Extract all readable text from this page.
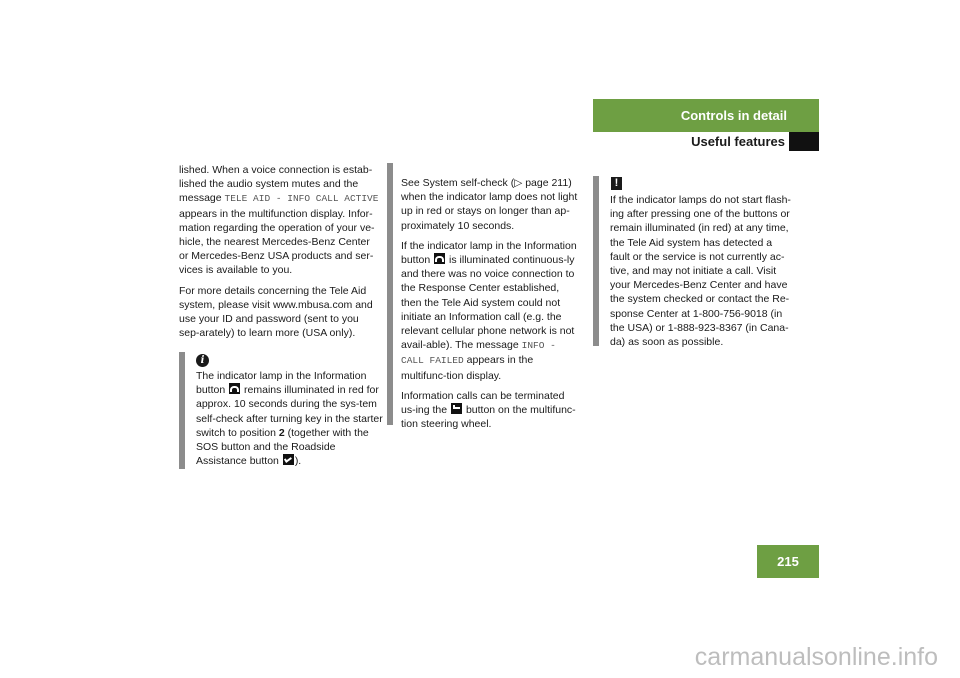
Controls in detail
Useful features

lished. When a voice connection is estab-lished the audio system mutes and the message TELE AID - INFO CALL ACTIVE appears in the multifunction display. Infor-mation regarding the operation of your ve-hicle, the nearest Mercedes-Benz Center or Mercedes-Benz USA products and ser-vices is available to you.

For more details concerning the Tele Aid system, please visit www.mbusa.com and use your ID and password (sent to you sep-arately) to learn more (USA only).

i
The indicator lamp in the Information button
remains illuminated in red for approx. 10 seconds during the sys-tem self-check after turning key in the starter switch to position 2 (together with the SOS button and the Roadside Assistance button
).

See System self-check (▷ page 211) when the indicator lamp does not light up in red or stays on longer than ap-proximately 10 seconds.

If the indicator lamp in the Information button
is illuminated continuous-ly and there was no voice connection to the Response Center established, then the Tele Aid system could not initiate an Information call (e.g. the relevant cellular phone network is not avail-able). The message INFO - CALL FAILED appears in the multifunc-tion display.

Information calls can be terminated us-ing the
button on the multifunc-tion steering wheel.

!

If the indicator lamps do not start flash-ing after pressing one of the buttons or remain illuminated (in red) at any time, the Tele Aid system has detected a fault or the service is not currently ac-tive, and may not initiate a call. Visit your Mercedes-Benz Center and have the system checked or contact the Re-sponse Center at 1-800-756-9018 (in the USA) or 1-888-923-8367 (in Cana-da) as soon as possible.

215
carmanualsonline.info
